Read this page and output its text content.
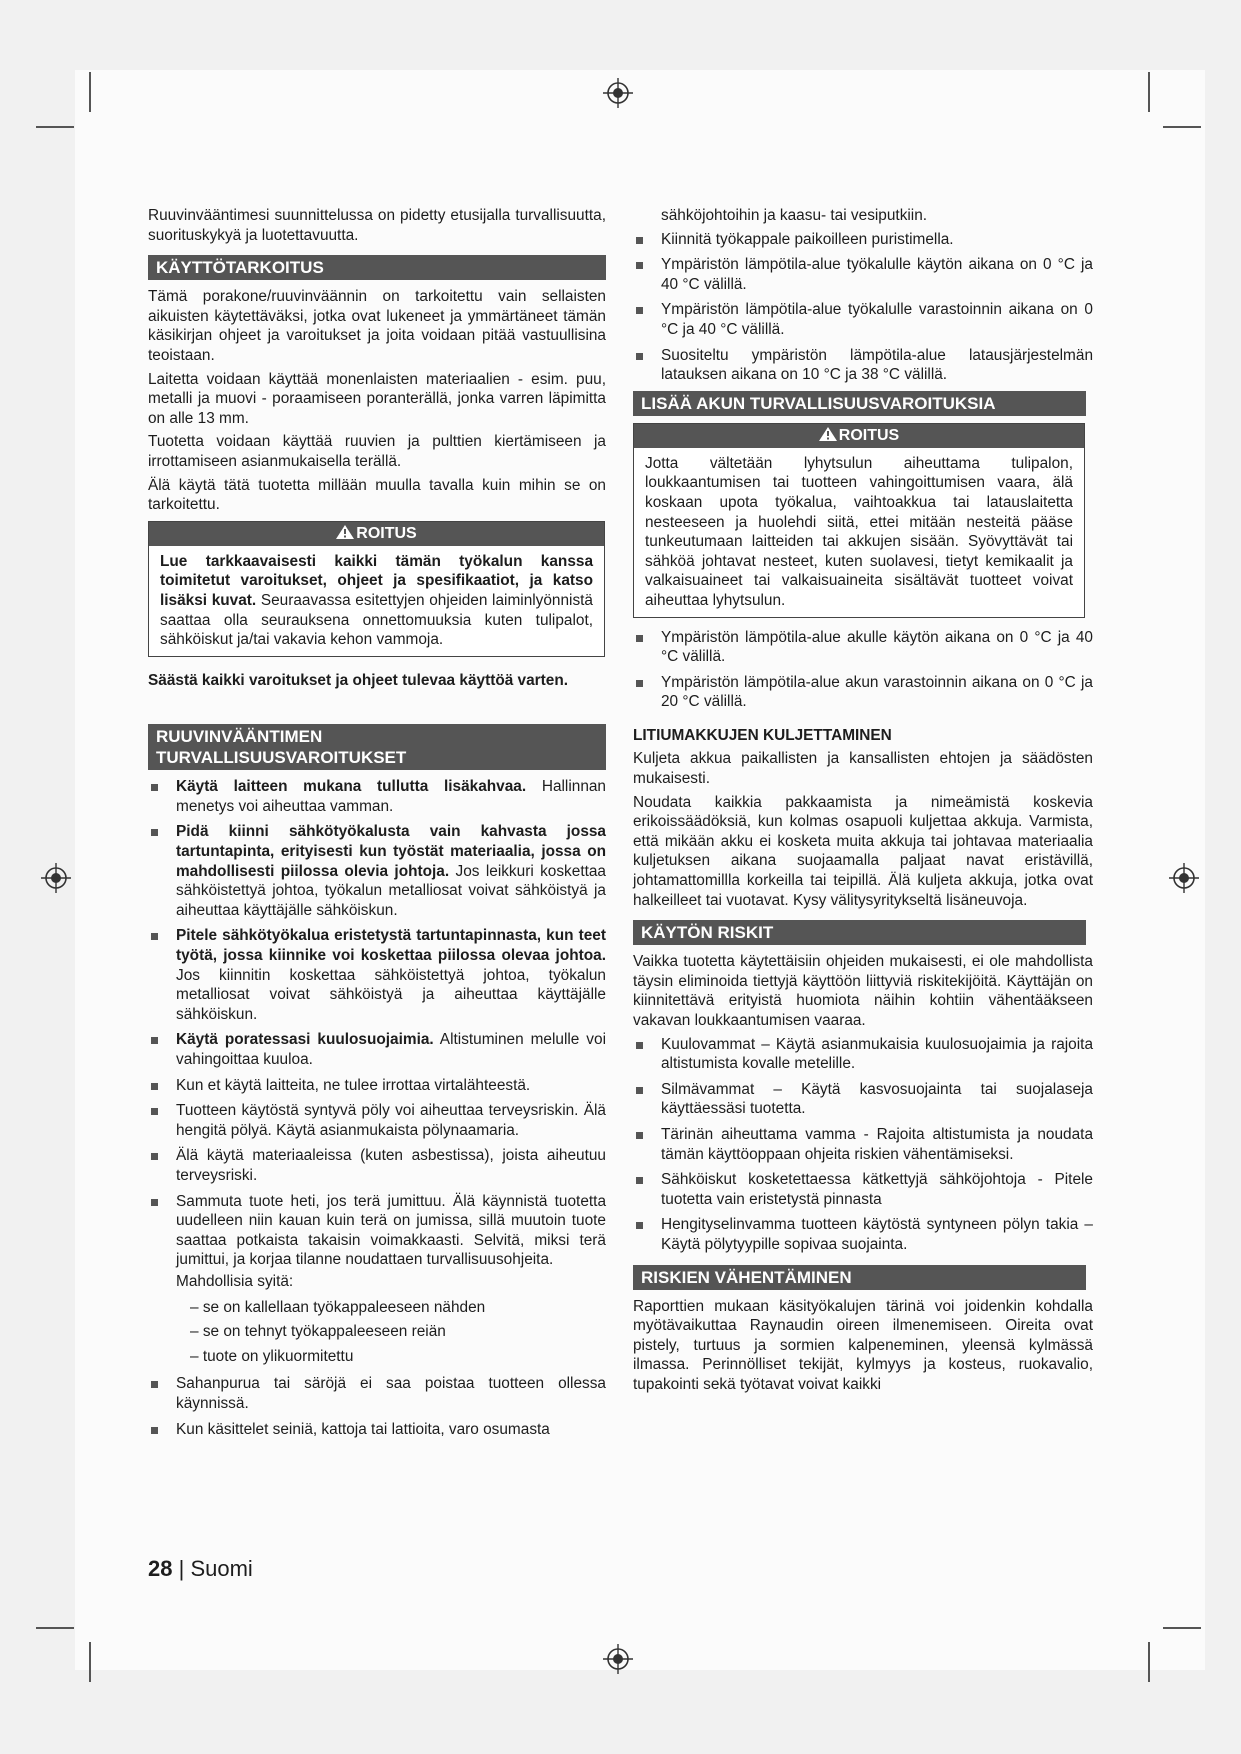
Ruuvinvääntimesi suunnittelussa on pidetty etusijalla turvallisuutta, suorituskykyä ja luotettavuutta.

KÄYTTÖTARKOITUS

Tämä porakone/ruuvinväännin on tarkoitettu vain sellaisten aikuisten käytettäväksi, jotka ovat lukeneet ja ymmärtäneet tämän käsikirjan ohjeet ja varoitukset ja joita voidaan pitää vastuullisina teoistaan.

Laitetta voidaan käyttää monenlaisten materiaalien - esim. puu, metalli ja muovi - poraamiseen poranterällä, jonka varren läpimitta on alle 13 mm.

Tuotetta voidaan käyttää ruuvien ja pulttien kiertämiseen ja irrottamiseen asianmukaisella terällä.

Älä käytä tätä tuotetta millään muulla tavalla kuin mihin se on tarkoitettu.

ROITUS

Lue tarkkaavaisesti kaikki tämän työkalun kanssa toimitetut varoitukset, ohjeet ja spesifikaatiot, ja katso lisäksi kuvat. Seuraavassa esitettyjen ohjeiden laiminlyönnistä saattaa olla seurauksena onnettomuuksia kuten tulipalot, sähköiskut ja/tai vakavia kehon vammoja.

Säästä kaikki varoitukset ja ohjeet tulevaa käyttöä varten.

RUUVINVÄÄNTIMEN
TURVALLISUUSVAROITUKSET
Käytä laitteen mukana tullutta lisäkahvaa. Hallinnan menetys voi aiheuttaa vamman.
Pidä kiinni sähkötyökalusta vain kahvasta jossa tartuntapinta, erityisesti kun työstät materiaalia, jossa on mahdollisesti piilossa olevia johtoja. Jos leikkuri koskettaa sähköistettyä johtoa, työkalun metalliosat voivat sähköistyä ja aiheuttaa käyttäjälle sähköiskun.
Pitele sähkötyökalua eristetystä tartuntapinnasta, kun teet työtä, jossa kiinnike voi koskettaa piilossa olevaa johtoa. Jos kiinnitin koskettaa sähköistettyä johtoa, työkalun metalliosat voivat sähköistyä ja aiheuttaa käyttäjälle sähköiskun.
Käytä poratessasi kuulosuojaimia. Altistuminen melulle voi vahingoittaa kuuloa.
Kun et käytä laitteita, ne tulee irrottaa virtalähteestä.
Tuotteen käytöstä syntyvä pöly voi aiheuttaa terveysriskin. Älä hengitä pölyä. Käytä asianmukaista pölynaamaria.
Älä käytä materiaaleissa (kuten asbestissa), joista aiheutuu terveysriski.
Sammuta tuote heti, jos terä jumittuu. Älä käynnistä tuotetta uudelleen niin kauan kuin terä on jumissa, sillä muutoin tuote saattaa potkaista takaisin voimakkaasti. Selvitä, miksi terä jumittui, ja korjaa tilanne noudattaen turvallisuusohjeita.

Mahdollisia syitä:

– se on kallellaan työkappaleeseen nähden
– se on tehnyt työkappaleeseen reiän
– tuote on ylikuormitettu
Sahanpurua tai säröjä ei saa poistaa tuotteen ollessa käynnissä.
Kun käsittelet seiniä, kattoja tai lattioita, varo osumasta

sähköjohtoihin ja kaasu- tai vesiputkiin.

Kiinnitä työkappale paikoilleen puristimella.
Ympäristön lämpötila-alue työkalulle käytön aikana on 0 °C ja 40 °C välillä.
Ympäristön lämpötila-alue työkalulle varastoinnin aikana on 0 °C ja 40 °C välillä.
Suositeltu ympäristön lämpötila-alue latausjärjestelmän latauksen aikana on 10 °C ja 38 °C välillä.
LISÄÄ AKUN TURVALLISUUSVAROITUKSIA
ROITUS

Jotta vältetään lyhytsulun aiheuttama tulipalon, loukkaantumisen tai tuotteen vahingoittumisen vaara, älä koskaan upota työkalua, vaihtoakkua tai latauslaitetta nesteeseen ja huolehdi siitä, ettei mitään nesteitä pääse tunkeutumaan laitteiden tai akkujen sisään. Syövyttävät tai sähköä johtavat nesteet, kuten suolavesi, tietyt kemikaalit ja valkaisuaineet tai valkaisuaineita sisältävät tuotteet voivat aiheuttaa lyhytsulun.

Ympäristön lämpötila-alue akulle käytön aikana on 0 °C ja 40 °C välillä.
Ympäristön lämpötila-alue akun varastoinnin aikana on 0 °C ja 20 °C välillä.
LITIUMAKKUJEN KULJETTAMINEN

Kuljeta akkua paikallisten ja kansallisten ehtojen ja säädösten mukaisesti.

Noudata kaikkia pakkaamista ja nimeämistä koskevia erikoissäädöksiä, kun kolmas osapuoli kuljettaa akkuja. Varmista, että mikään akku ei kosketa muita akkuja tai johtavaa materiaalia kuljetuksen aikana suojaamalla paljaat navat eristävillä, johtamattomillla korkeilla tai teipillä. Älä kuljeta akkuja, jotka ovat halkeilleet tai vuotavat. Kysy välitysyritykseltä lisäneuvoja.

KÄYTÖN RISKIT

Vaikka tuotetta käytettäisiin ohjeiden mukaisesti, ei ole mahdollista täysin eliminoida tiettyjä käyttöön liittyviä riskitekijöitä. Käyttäjän on kiinnitettävä erityistä huomiota näihin kohtiin vähentääkseen vakavan loukkaantumisen vaaraa.

Kuulovammat – Käytä asianmukaisia kuulosuojaimia ja rajoita altistumista kovalle metelille.
Silmävammat – Käytä kasvosuojainta tai suojalaseja käyttäessäsi tuotetta.
Tärinän aiheuttama vamma - Rajoita altistumista ja noudata tämän käyttöoppaan ohjeita riskien vähentämiseksi.
Sähköiskut kosketettaessa kätkettyjä sähköjohtoja - Pitele tuotetta vain eristetystä pinnasta
Hengityselinvamma tuotteen käytöstä syntyneen pölyn takia – Käytä pölytyypille sopivaa suojainta.
RISKIEN VÄHENTÄMINEN

Raporttien mukaan käsityökalujen tärinä voi joidenkin kohdalla myötävaikuttaa Raynaudin oireen ilmenemiseen. Oireita ovat pistely, turtuus ja sormien kalpeneminen, yleensä kylmässä ilmassa. Perinnölliset tekijät, kylmyys ja kosteus, ruokavalio, tupakointi sekä työtavat voivat kaikki

28 | Suomi
